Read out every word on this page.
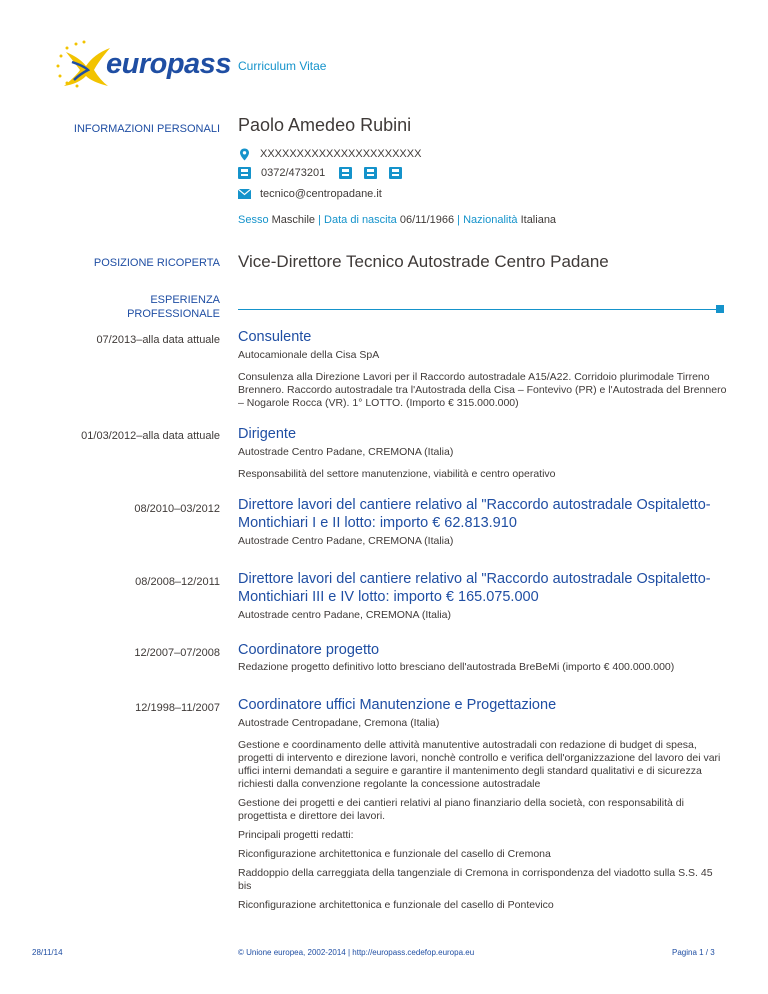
europass Curriculum Vitae
INFORMAZIONI PERSONALI Paolo Amedeo Rubini
XXXXXXXXXXXXXXXXXXXXXX
0372/473201
tecnico@centropadane.it
Sesso Maschile | Data di nascita 06/11/1966 | Nazionalità Italiana
POSIZIONE RICOPERTA Vice-Direttore Tecnico Autostrade Centro Padane
ESPERIENZA
PROFESSIONALE
07/2013–alla data attuale Consulente
Autocamionale della Cisa SpA
Consulenza alla Direzione Lavori per il Raccordo autostradale A15/A22. Corridoio plurimodale Tirreno Brennero. Raccordo autostradale tra l'Autostrada della Cisa – Fontevivo (PR) e l'Autostrada del Brennero – Nogarole Rocca (VR). 1° LOTTO. (Importo € 315.000.000)
01/03/2012–alla data attuale Dirigente
Autostrade Centro Padane, CREMONA (Italia)
Responsabilità del settore manutenzione, viabilità e centro operativo
08/2010–03/2012 Direttore lavori del cantiere relativo al "Raccordo autostradale Ospitaletto-
Montichiari I e II lotto: importo € 62.813.910
Autostrade Centro Padane, CREMONA (Italia)
08/2008–12/2011 Direttore lavori del cantiere relativo al "Raccordo autostradale Ospitaletto-
Montichiari III e IV lotto: importo € 165.075.000
Autostrade centro Padane, CREMONA (Italia)
12/2007–07/2008 Coordinatore progetto
Redazione progetto definitivo lotto bresciano dell'autostrada BreBeMi (importo € 400.000.000)
12/1998–11/2007 Coordinatore uffici Manutenzione e Progettazione
Autostrade Centropadane, Cremona (Italia)
Gestione e coordinamento delle attività manutentive autostradali con redazione di budget di spesa, progetti di intervento e direzione lavori, nonchè controllo e verifica dell'organizzazione del lavoro dei vari uffici interni demandati a seguire e garantire il mantenimento degli standard qualitativi e di sicurezza richiesti dalla convenzione regolante la concessione autostradale
Gestione dei progetti e dei cantieri relativi al piano finanziario della società, con responsabilità di progettista e direttore dei lavori.
Principali progetti redatti:
Riconfigurazione architettonica e funzionale del casello di Cremona
Raddoppio della carreggiata della tangenziale di Cremona in corrispondenza del viadotto sulla S.S. 45 bis
Riconfigurazione architettonica e funzionale del casello di Pontevico
28/11/14	© Unione europea, 2002-2014 | http://europass.cedefop.europa.eu	Pagina 1 / 3
